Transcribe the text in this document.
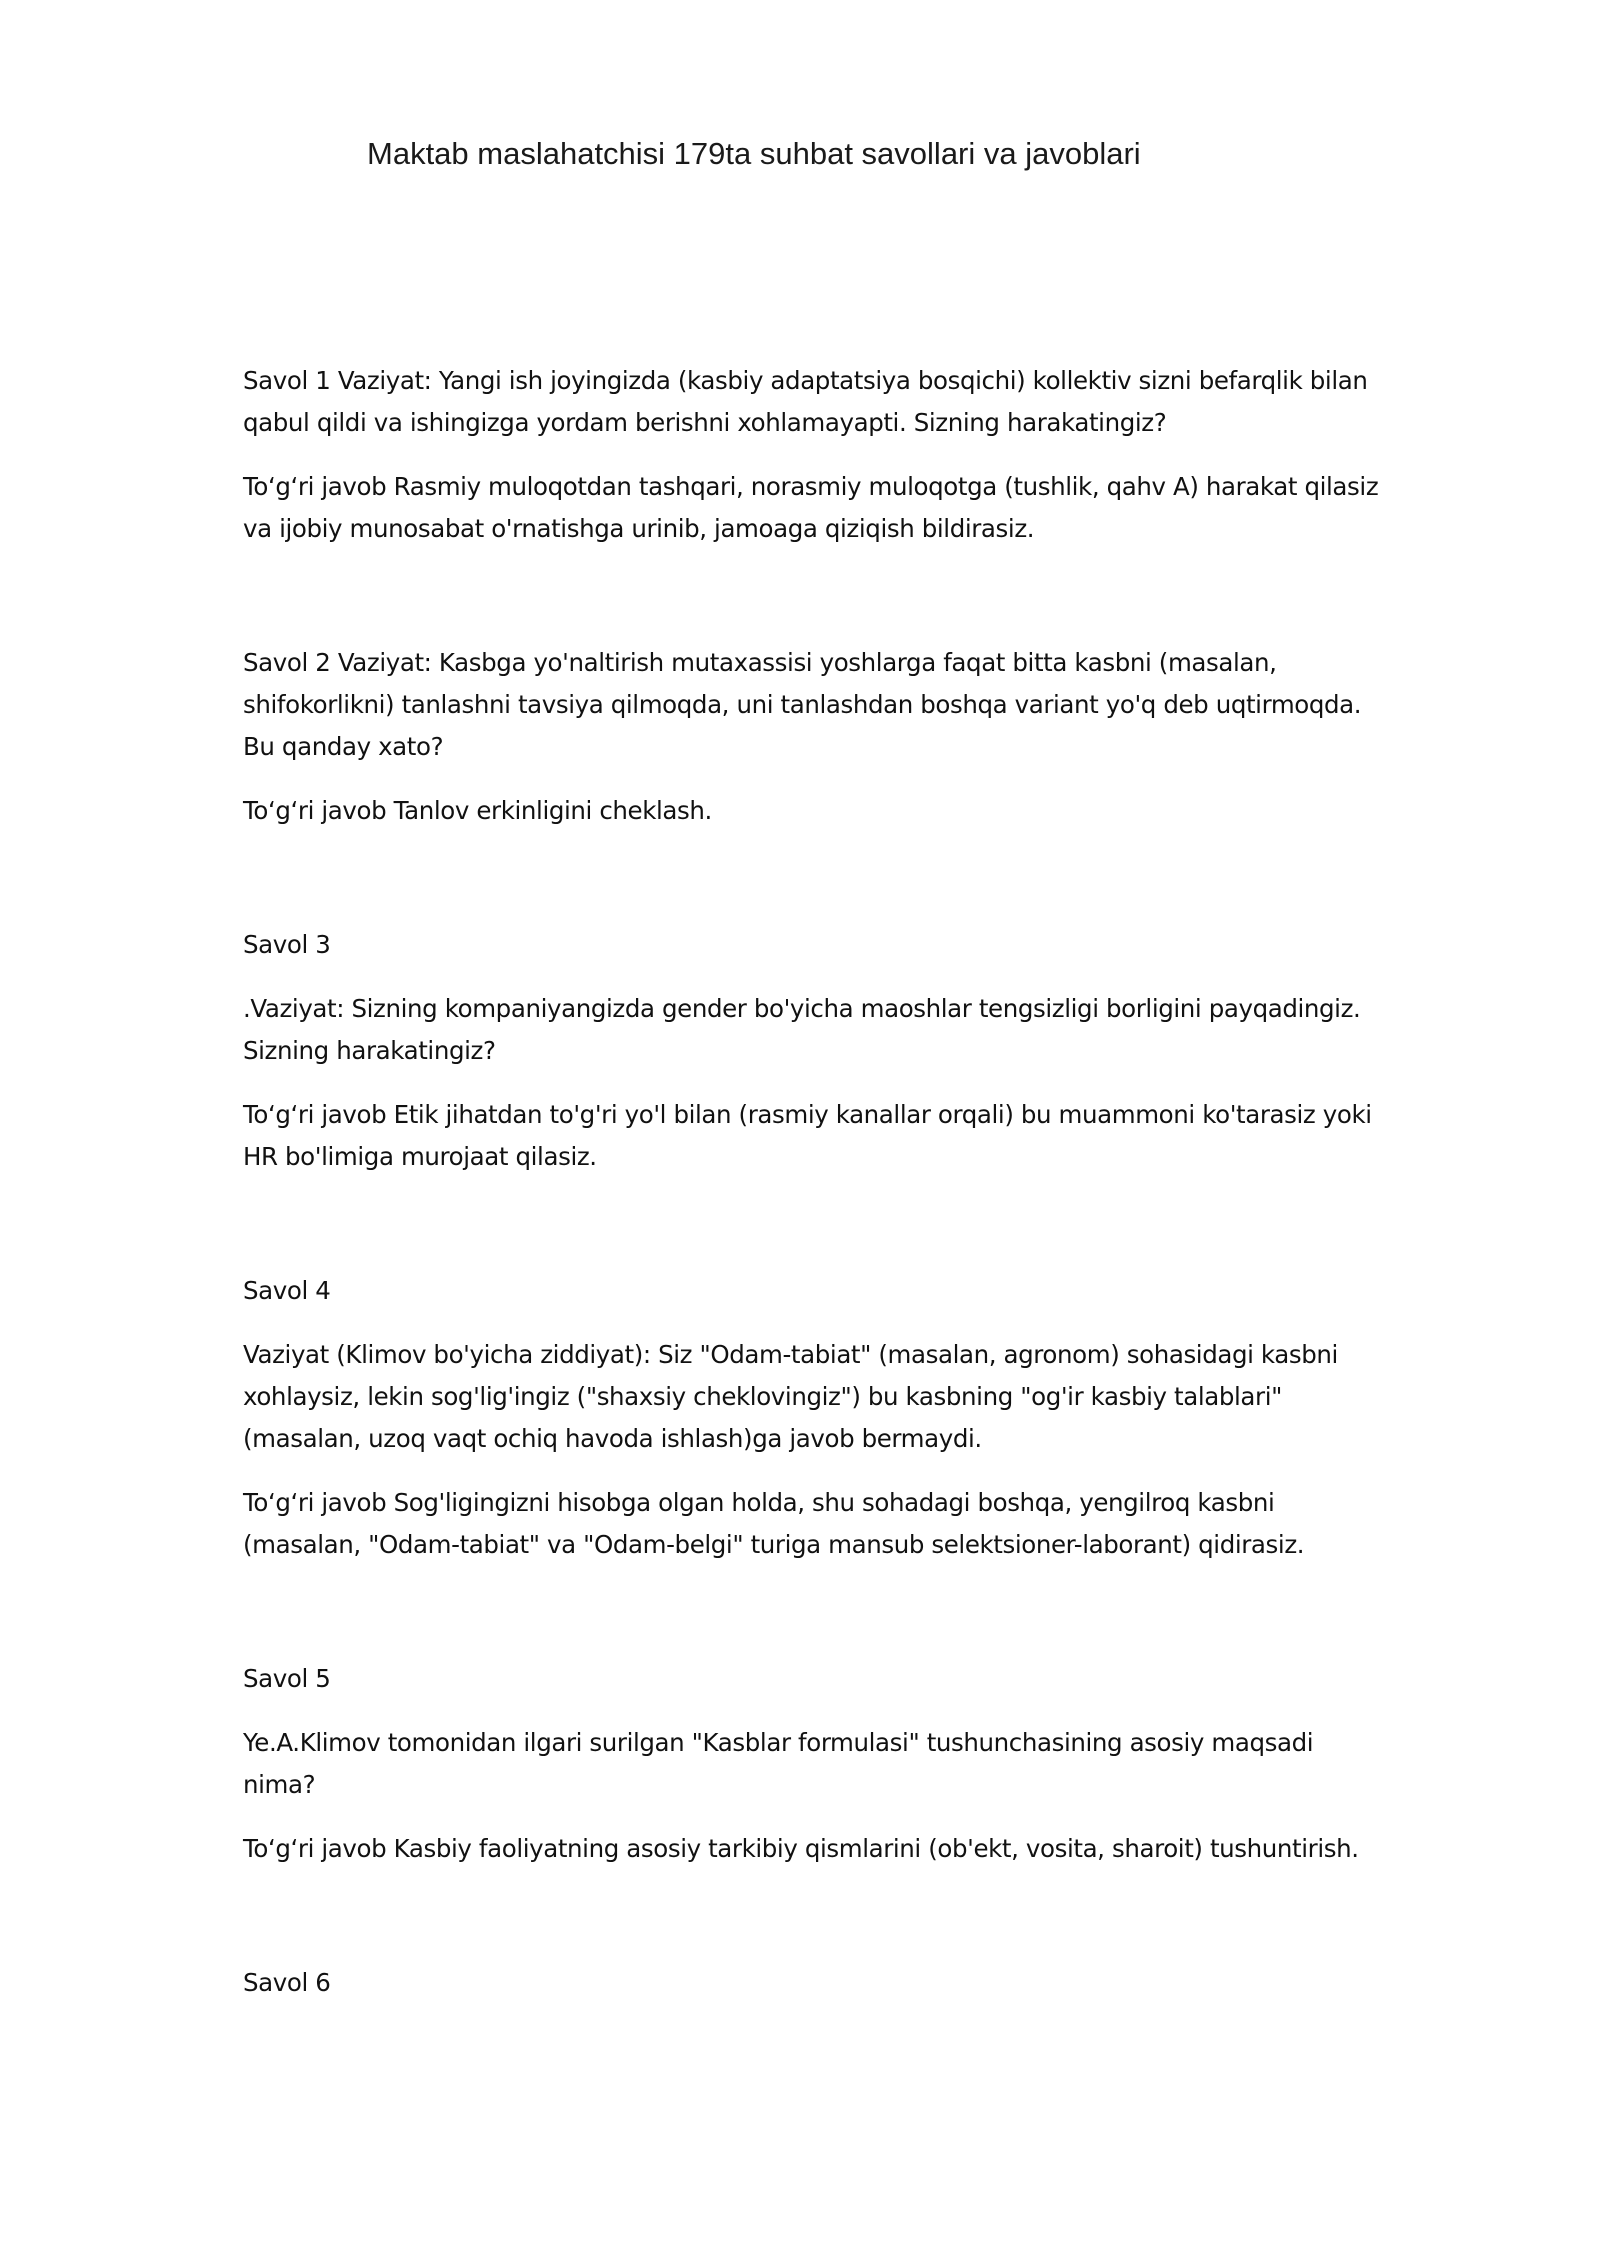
Maktab maslahatchisi 179ta suhbat savollari va javoblari

Savol 1 Vaziyat: Yangi ish joyingizda (kasbiy adaptatsiya bosqichi) kollektiv sizni befarqlik bilan qabul qildi va ishingizga yordam berishni xohlamayapti. Sizning harakatingiz?

To‘g‘ri javob Rasmiy muloqotdan tashqari, norasmiy muloqotga (tushlik, qahv A) harakat qilasiz va ijobiy munosabat o'rnatishga urinib, jamoaga qiziqish bildirasiz.

Savol 2 Vaziyat: Kasbga yo'naltirish mutaxassisi yoshlarga faqat bitta kasbni (masalan, shifokorlikni) tanlashni tavsiya qilmoqda, uni tanlashdan boshqa variant yo'q deb uqtirmoqda. Bu qanday xato?

To‘g‘ri javob Tanlov erkinligini cheklash.

Savol 3

.Vaziyat: Sizning kompaniyangizda gender bo'yicha maoshlar tengsizligi borligini payqadingiz. Sizning harakatingiz?

To‘g‘ri javob Etik jihatdan to'g'ri yo'l bilan (rasmiy kanallar orqali) bu muammoni ko'tarasiz yoki HR bo'limiga murojaat qilasiz.

Savol 4

Vaziyat (Klimov bo'yicha ziddiyat): Siz "Odam-tabiat" (masalan, agronom) sohasidagi kasbni xohlaysiz, lekin sog'lig'ingiz ("shaxsiy cheklovingiz") bu kasbning "og'ir kasbiy talablari" (masalan, uzoq vaqt ochiq havoda ishlash)ga javob bermaydi.

To‘g‘ri javob Sog'ligingizni hisobga olgan holda, shu sohadagi boshqa, yengilroq kasbni (masalan, "Odam-tabiat" va "Odam-belgi" turiga mansub selektsioner-laborant) qidirasiz.

Savol 5

Ye.A.Klimov tomonidan ilgari surilgan "Kasblar formulasi" tushunchasining asosiy maqsadi nima?

To‘g‘ri javob Kasbiy faoliyatning asosiy tarkibiy qismlarini (ob'ekt, vosita, sharoit) tushuntirish.

Savol 6
